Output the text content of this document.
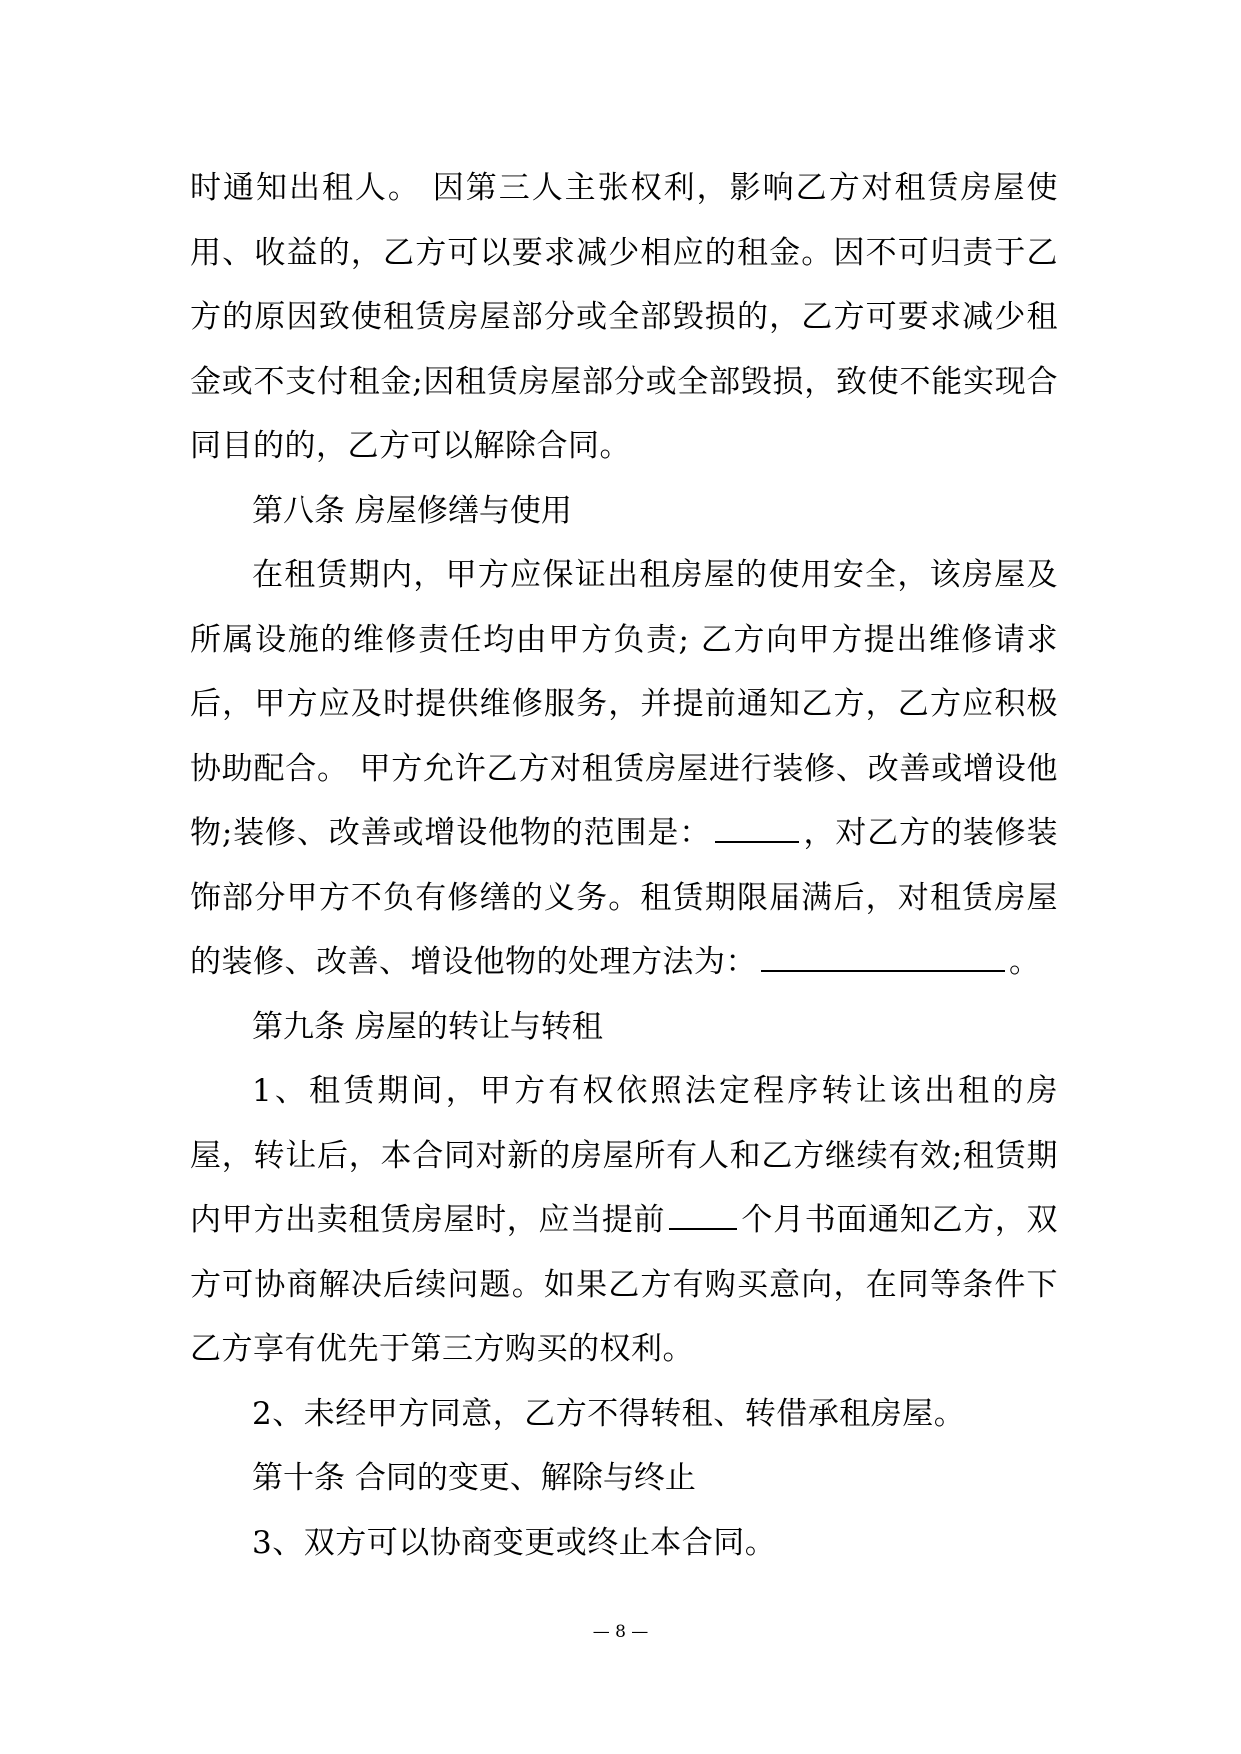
时通知出租人。 因第三人主张权利，影响乙方对租赁房屋使用、收益的，乙方可以要求减少相应的租金。因不可归责于乙方的原因致使租赁房屋部分或全部毁损的，乙方可要求减少租金或不支付租金;因租赁房屋部分或全部毁损，致使不能实现合同目的的，乙方可以解除合同。

第八条 房屋修缮与使用

在租赁期内，甲方应保证出租房屋的使用安全，该房屋及所属设施的维修责任均由甲方负责; 乙方向甲方提出维修请求后，甲方应及时提供维修服务，并提前通知乙方，乙方应积极协助配合。 甲方允许乙方对租赁房屋进行装修、改善或增设他物;装修、改善或增设他物的范围是：	，对乙方的装修装饰部分甲方不负有修缮的义务。租赁期限届满后，对租赁房屋的装修、改善、增设他物的处理方法为：	。

第九条 房屋的转让与转租

1、租赁期间，甲方有权依照法定程序转让该出租的房屋，转让后，本合同对新的房屋所有人和乙方继续有效;租赁期内甲方出卖租赁房屋时，应当提前 个月书面通知乙方，双方可协商解决后续问题。如果乙方有购买意向，在同等条件下乙方享有优先于第三方购买的权利。

2、未经甲方同意，乙方不得转租、转借承租房屋。

第十条 合同的变更、解除与终止

3、双方可以协商变更或终止本合同。

— 8 —
